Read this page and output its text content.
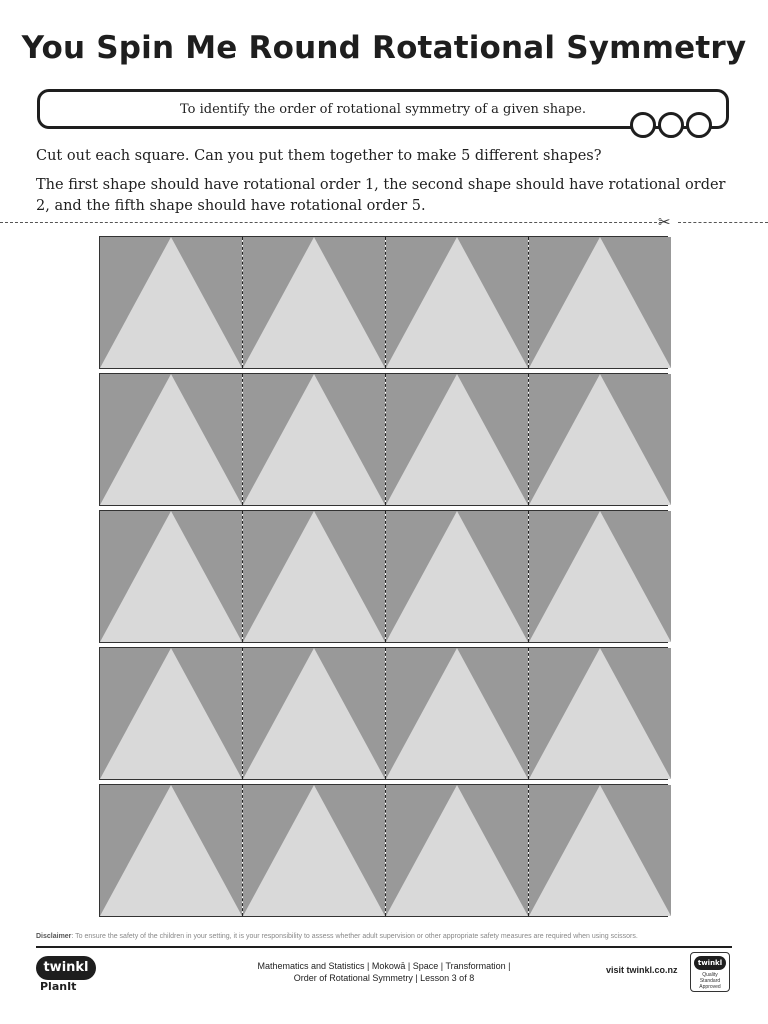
You Spin Me Round Rotational Symmetry
To identify the order of rotational symmetry of a given shape.
Cut out each square. Can you put them together to make 5 different shapes?
The first shape should have rotational order 1, the second shape should have rotational order 2, and the fifth shape should have rotational order 5.
✂
Disclaimer: To ensure the safety of the children in your setting, it is your responsibility to assess whether adult supervision or other appropriate safety measures are required when using scissors.
twinkl
PlanIt
Mathematics and Statistics | Mokowā | Space | Transformation |
Order of Rotational Symmetry | Lesson 3 of 8
visit twinkl.co.nz
twinkl
Quality Standard Approved
